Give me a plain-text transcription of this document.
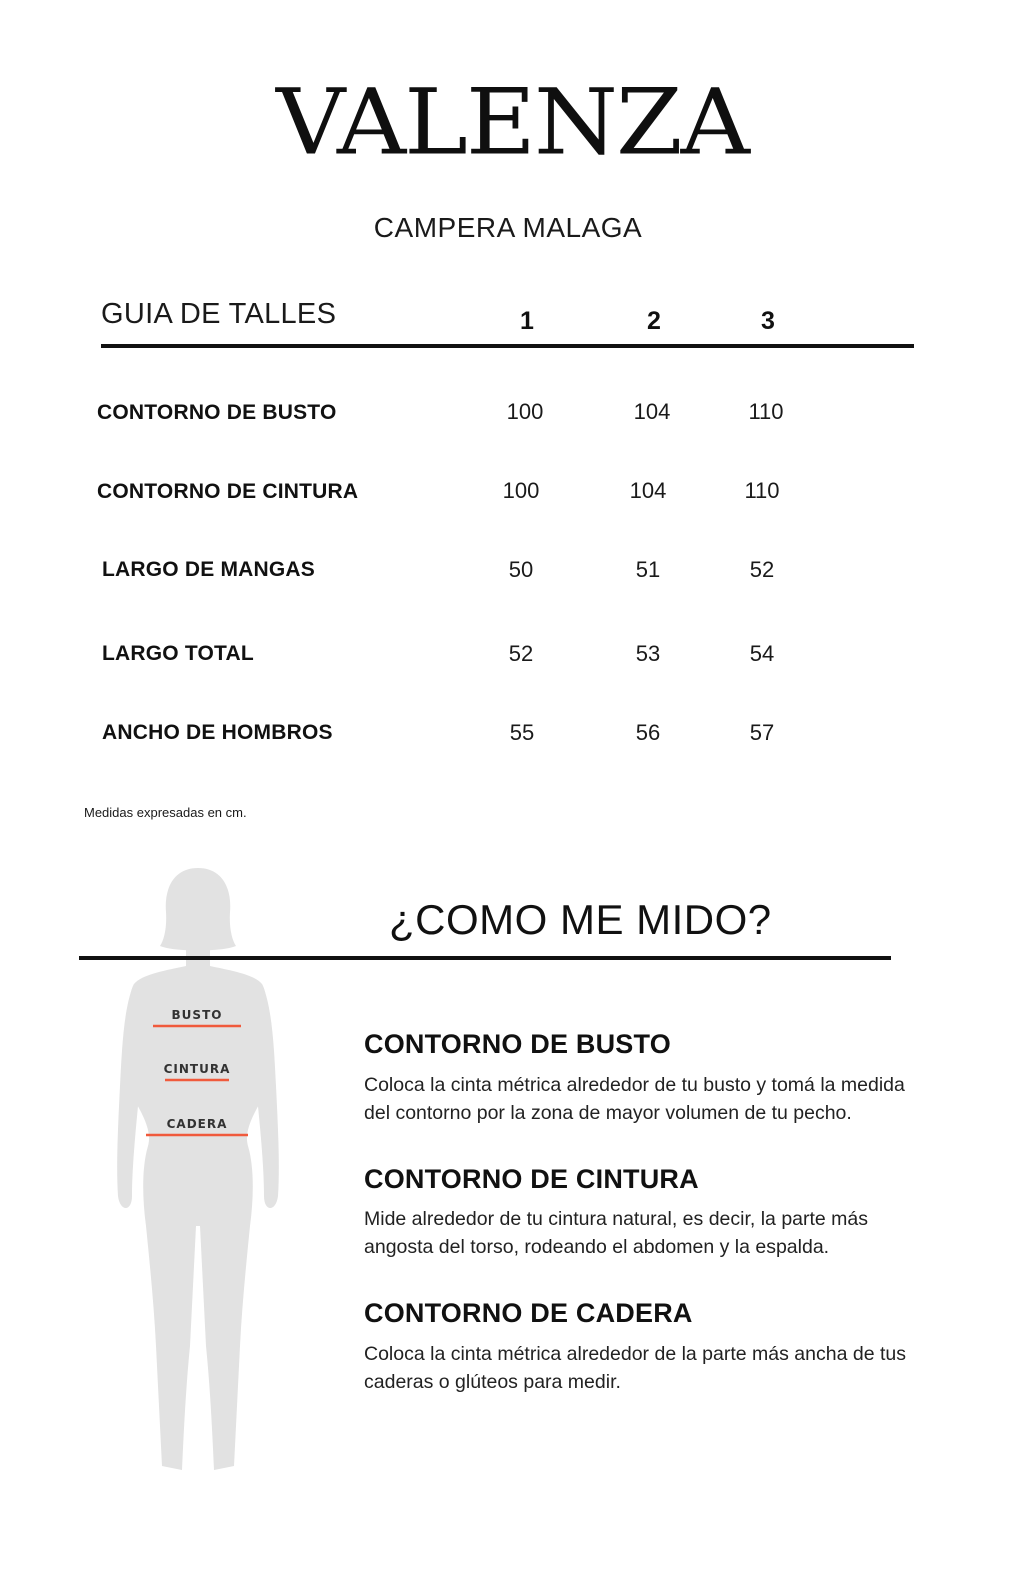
VALENZA
CAMPERA MALAGA
GUIA DE TALLES	1	2	3
CONTORNO DE BUSTO	100	104	110
CONTORNO DE CINTURA	100	104	110
LARGO DE MANGAS	50	51	52
LARGO TOTAL	52	53	54
ANCHO DE HOMBROS	55	56	57
Medidas expresadas en cm.
BUSTO
CINTURA
CADERA
¿COMO ME MIDO?
CONTORNO DE BUSTO
Coloca la cinta métrica alrededor de tu busto y tomá la medida
del contorno por la zona de mayor volumen de tu pecho.
CONTORNO DE CINTURA
Mide alrededor de tu cintura natural, es decir, la parte más
angosta del torso, rodeando el abdomen y la espalda.
CONTORNO DE CADERA
Coloca la cinta métrica alrededor de la parte más ancha de tus
caderas o glúteos para medir.
